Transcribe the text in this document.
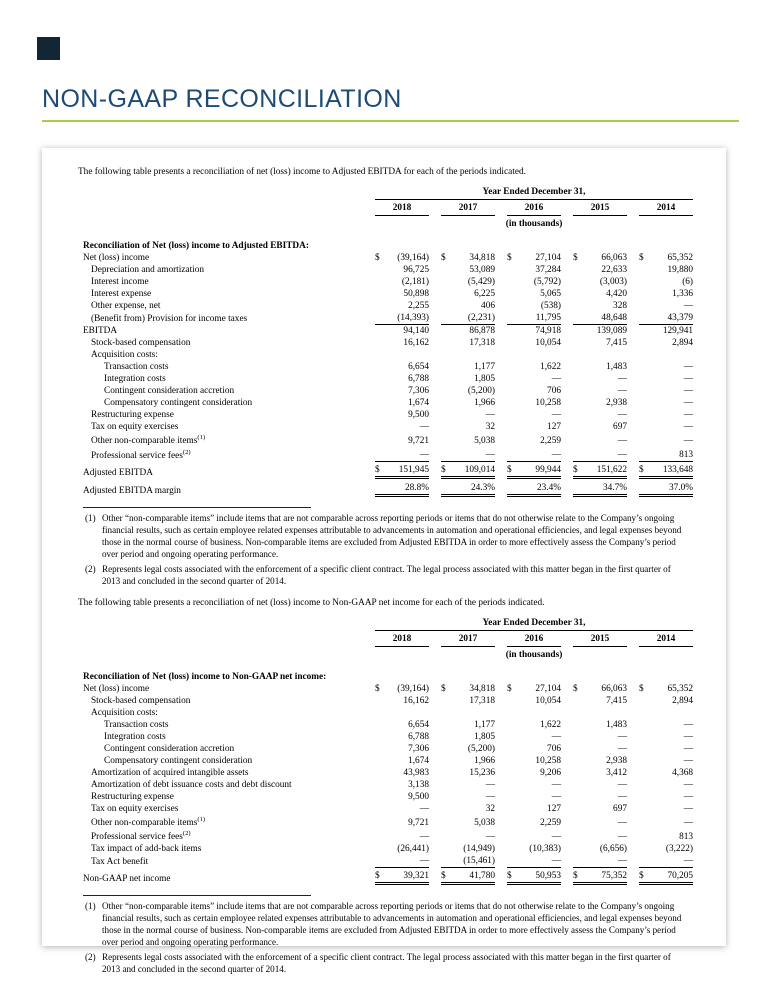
NON-GAAP RECONCILIATION

The following table presents a reconciliation of net (loss) income to Adjusted EBITDA for each of the periods indicated.

	Year Ended December 31,				

	2018	2017	2016	2015	2014

	(in thousands)				

Reconciliation of Net (loss) income to Adjusted EBITDA:					
Net (loss) income	$ (39,164)	$ 34,818	$ 27,104	$ 66,063	$ 65,352

Depreciation and amortization	96,725	53,089	37,284	22,633	19,880

Interest income	(2,181)	(5,429)	(5,792)	(3,003)	(6)

Interest expense	50,898	6,225	5,065	4,420	1,336

Other expense, net	2,255	406	(538)	328	—

(Benefit from) Provision for income taxes	(14,393)	(2,231)	11,795	48,648	43,379

EBITDA	94,140	86,878	74,918	139,089	129,941

Stock-based compensation	16,162	17,318	10,054	7,415	2,894

Acquisition costs:					
Transaction costs	6,654	1,177	1,622	1,483	—

Integration costs	6,788	1,805	—	—	—

Contingent consideration accretion	7,306	(5,200)	706	—	—

Compensatory contingent consideration	1,674	1,966	10,258	2,938	—

Restructuring expense	9,500	—	—	—	—

Tax on equity exercises	—	32	127	697	—

Other non-comparable items$^{(1)}$	9,721	5,038	2,259	—	—

Professional service fees$^{(2)}$	—	—	—	—	813

Adjusted EBITDA	$ 151,945	$ 109,014	$ 99,944	$ 151,622	$ 133,648

Adjusted EBITDA margin	28.8%	24.3%	23.4%	34.7%	37.0%
(1) Other “non-comparable items” include items that are not comparable across reporting periods or items that do not otherwise relate to the Company’s ongoing financial results, such as certain employee related expenses attributable to advancements in automation and operational efficiencies, and legal expenses beyond those in the normal course of business. Non-comparable items are excluded from Adjusted EBITDA in order to more effectively assess the Company’s period over period and ongoing operating performance.
(2) Represents legal costs associated with the enforcement of a specific client contract. The legal process associated with this matter began in the first quarter of 2013 and concluded in the second quarter of 2014.

The following table presents a reconciliation of net (loss) income to Non-GAAP net income for each of the periods indicated.

	Year Ended December 31,				

	2018	2017	2016	2015	2014

	(in thousands)				

Reconciliation of Net (loss) income to Non-GAAP net income:					
Net (loss) income	$ (39,164)	$ 34,818	$ 27,104	$ 66,063	$ 65,352

Stock-based compensation	16,162	17,318	10,054	7,415	2,894

Acquisition costs:					
Transaction costs	6,654	1,177	1,622	1,483	—

Integration costs	6,788	1,805	—	—	—

Contingent consideration accretion	7,306	(5,200)	706	—	—

Compensatory contingent consideration	1,674	1,966	10,258	2,938	—

Amortization of acquired intangible assets	43,983	15,236	9,206	3,412	4,368

Amortization of debt issuance costs and debt discount	3,138	—	—	—	—

Restructuring expense	9,500	—	—	—	—

Tax on equity exercises	—	32	127	697	—

Other non-comparable items$^{(1)}$	9,721	5,038	2,259	—	—

Professional service fees$^{(2)}$	—	—	—	—	813

Tax impact of add-back items	(26,441)	(14,949)	(10,383)	(6,656)	(3,222)

Tax Act benefit	—	(15,461)	—	—	—

Non-GAAP net income	$ 39,321	$ 41,780	$ 50,953	$ 75,352	$ 70,205
(1) Other “non-comparable items” include items that are not comparable across reporting periods or items that do not otherwise relate to the Company’s ongoing financial results, such as certain employee related expenses attributable to advancements in automation and operational efficiencies, and legal expenses beyond those in the normal course of business. Non-comparable items are excluded from Adjusted EBITDA in order to more effectively assess the Company’s period over period and ongoing operating performance.
(2) Represents legal costs associated with the enforcement of a specific client contract. The legal process associated with this matter began in the first quarter of 2013 and concluded in the second quarter of 2014.
